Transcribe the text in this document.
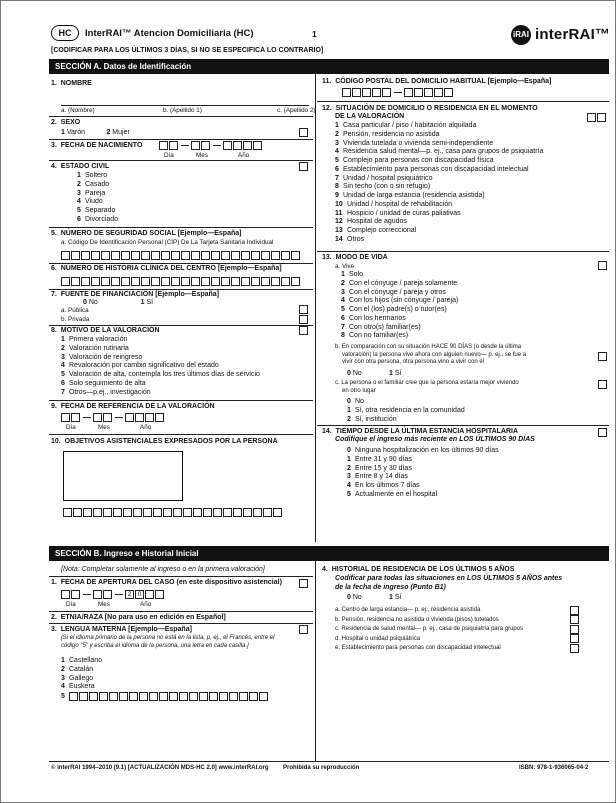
HC	InterRAI™ Atencion Domiciliaria (HC)	1	iRAI interRAI™
[CODIFICAR PARA LOS ÚLTIMOS 3 DÍAS, SI NO SE ESPECIFICA LO CONTRARIO]
SECCIÓN A. Datos de Identificación
1. NOMBRE
a. (Nombre)	b. (Apellido 1)	c. (Apellido 2)
2. SEXO
1 Varón	2 Mujer
3. FECHA DE NACIMIENTO
Día	Mes	Año
4. ESTADO CIVIL
1 Soltero
2 Casado
3 Pareja
4 Viudo
5 Separado
6 Divorciado
5. NÚMERO DE SEGURIDAD SOCIAL [Ejemplo—España]
a. Código De Identificación Personal (CIP) De La Tarjeta Sanitaria Individual
6. NÚMERO DE HISTORIA CLÍNICA DEL CENTRO [Ejemplo—España]
7. FUENTE DE FINANCIACIÓN [Ejemplo—España]
0 No	1 Sí
a. Pública
b. Privada
8. MOTIVO DE LA VALORACIÓN
1 Primera valoración
2 Valoración rutinaria
3 Valoración de reingreso
4 Revaloración por cambio significativo del estado
5 Valoración de alta, contempla los tres últimos días de servicio
6 Solo seguimiento de alta
7 Otros—p.ej., investigación
9. FECHA DE REFERENCIA DE LA VALORACIÓN
Día	Mes	Año
10. OBJETIVOS ASISTENCIALES EXPRESADOS POR LA PERSONA
11. CÓDIGO POSTAL DEL DOMICILIO HABITUAL [Ejemplo—España]
12. SITUACIÓN DE DOMICILIO O RESIDENCIA EN EL MOMENTO
DE LA VALORACIÓN
1 Casa particular / piso / habitación alquilada
2 Pensión, residencia no asistida
3 Vivienda tutelada o vivienda semi-independiente
4 Residencia salud mental—p. ej., casa para grupos de psiquiatría
5 Complejo para personas con discapacidad física
6 Establecimiento para personas con discapacidad intelectual
7 Unidad / hospital psiquiátrico
8 Sin techo (con o sin refugio)
9 Unidad de larga estancia (residencia asistida)
10 Unidad / hospital de rehabilitación
11 Hospicio / unidad de curas paliativas
12 Hospital de agudos
13 Complejo correccional
14 Otros
13. MODO DE VIDA
a. Vive
1 Solo
2 Con el cónyuge / pareja solamente
3 Con el cónyuge / pareja y otros
4 Con los hijos (sin cónyuge / pareja)
5 Con el (los) padre(s) o tutor(es)
6 Con los hermanos
7 Con otro(s) familiar(es)
8 Con no familiar(es)
b. En comparación con su situación HACE 90 DÍAS (o desde la última
valoración) la persona vive ahora con alguien nuevo— p. ej., se fue a
vivir con otra persona, otra persona vino a vivir con él
0 No	1 Sí
c. La persona o el familiar cree que la persona estaría mejor viviendo
en otro lugar
0 No
1 Sí, otra residencia en la comunidad
2 Sí, institución
14. TIEMPO DESDE LA ÚLTIMA ESTANCIA HOSPITALARIA
Codifique el ingreso más reciente en LOS ÚLTIMOS 90 DÍAS
0 Ninguna hospitalización en los últimos 90 días
1 Entre 31 y 90 días
2 Entre 15 y 30 días
3 Entre 8 y 14 días
4 En los últimos 7 días
5 Actualmente en el hospital
SECCIÓN B. Ingreso e Historial Inicial
[Nota: Completar solamente al ingreso o en la primera valoración]
1. FECHA DE APERTURA DEL CASO (en este dispositivo asistencial)
2 0
Día	Mes	Año
2. ETNIA/RAZA [No para uso en edición en Español]
3. LENGUA MATERNA [Ejemplo—España]
[Si el idioma primario de la persona no está en la lista, p. ej., el Francés, entre el
código "5" y escriba el idioma de la persona, una letra en cada casilla.]
1 Castellano
2 Catalán
3 Gallego
4 Euskera
5
4. HISTORIAL DE RESIDENCIA DE LOS ÚLTIMOS 5 AÑOS
Codificar para todas las situaciones en LOS ÚLTIMOS 5 AÑOS antes
de la fecha de ingreso (Punto B1)
0 No	1 Sí
a. Centro de larga estancia— p. ej., residencia asistida
b. Pensión, residencia no asistida o vivienda (pisos) tutelados
c. Residencia de salud mental— p. ej., casa de psiquiatría para grupos
d. Hospital o unidad psiquiátrica
e. Establecimiento para personas con discapacidad intelectual
© interRAI 1994–2010 (9.1) [ACTUALIZACIÓN MDS-HC 2.0] www.interRAI.org Prohibida su reproducción	ISBN: 978-1-936065-04-2
